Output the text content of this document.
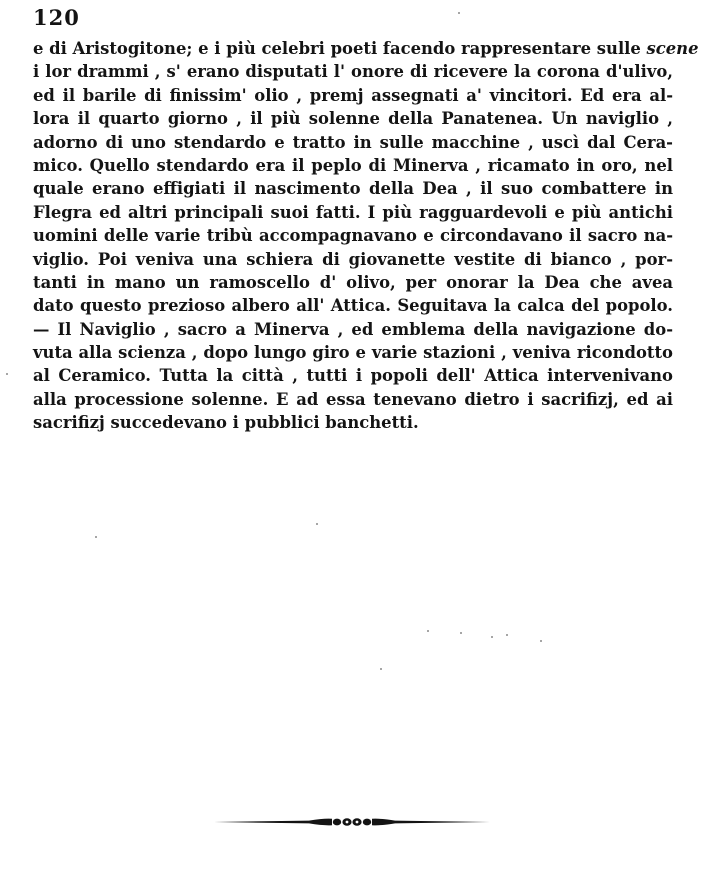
120
e di Aristogitone; e i più celebri poeti facendo rappresentare sulle scene
i lor drammi , s' erano disputati l' onore di ricevere la corona d'ulivo,
ed il barile di finissim' olio , premj assegnati a' vincitori. Ed era al-
lora il quarto giorno , il più solenne della Panatenea. Un naviglio ,
adorno di uno stendardo e tratto in sulle macchine , uscì dal Cera-
mico. Quello stendardo era il peplo di Minerva , ricamato in oro, nel
quale erano effigiati il nascimento della Dea , il suo combattere in
Flegra ed altri principali suoi fatti. I più ragguardevoli e più antichi
uomini delle varie tribù accompagnavano e circondavano il sacro na-
viglio. Poi veniva una schiera di giovanette vestite di bianco , por-
tanti in mano un ramoscello d' olivo, per onorar la Dea che avea
dato questo prezioso albero all' Attica. Seguitava la calca del popolo.
— Il Naviglio , sacro a Minerva , ed emblema della navigazione do-
vuta alla scienza , dopo lungo giro e varie stazioni , veniva ricondotto
al Ceramico. Tutta la città , tutti i popoli dell' Attica intervenivano
alla processione solenne. E ad essa tenevano dietro i sacrifizj, ed ai
sacrifizj succedevano i pubblici banchetti.
